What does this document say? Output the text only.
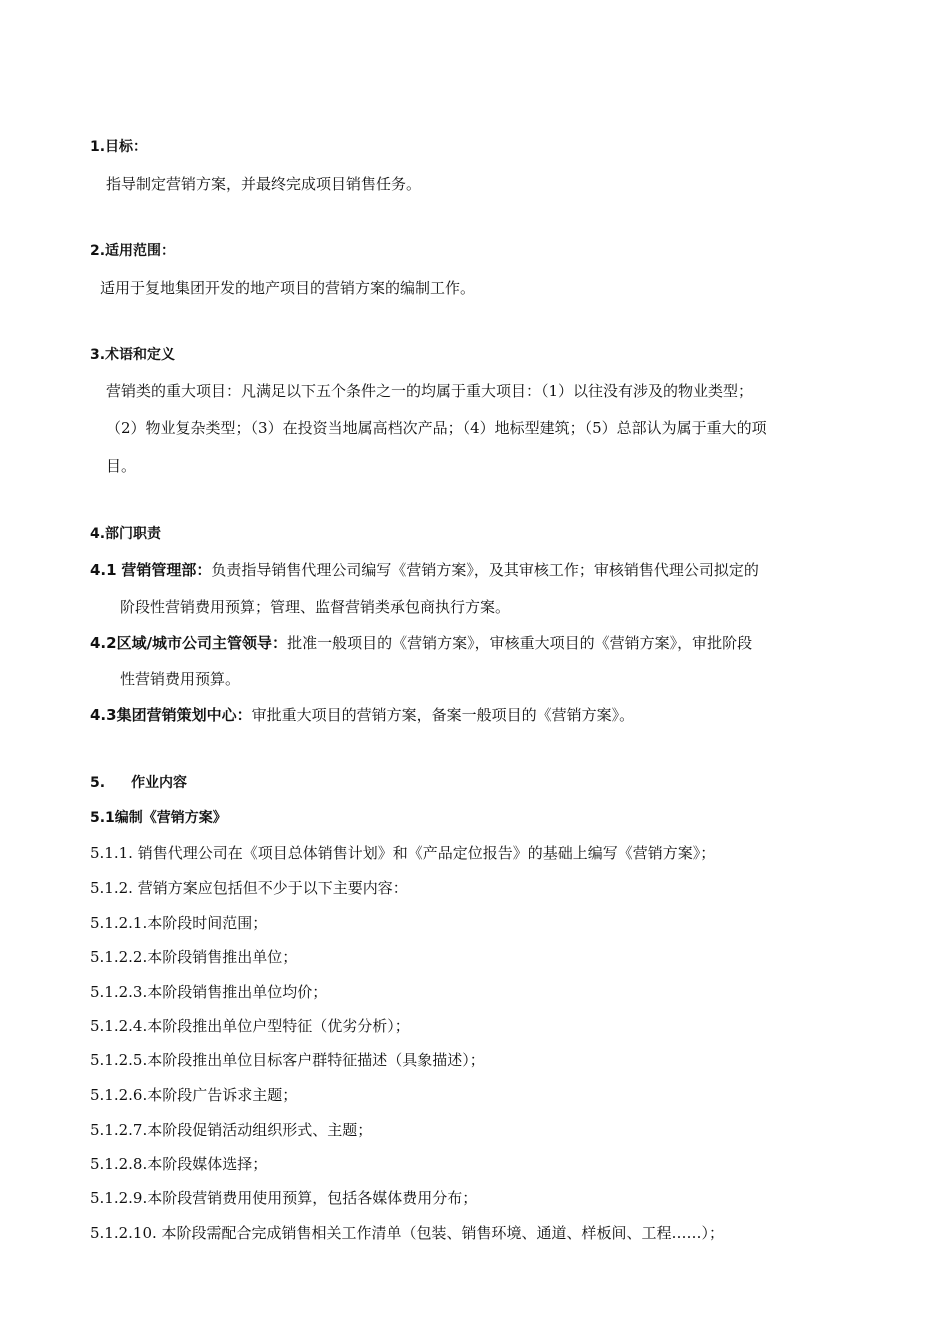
1.目标：
指导制定营销方案，并最终完成项目销售任务。
2.适用范围：
适用于复地集团开发的地产项目的营销方案的编制工作。
3.术语和定义
营销类的重大项目：凡满足以下五个条件之一的均属于重大项目：（1）以往没有涉及的物业类型；
（2）物业复杂类型；（3）在投资当地属高档次产品；（4）地标型建筑；（5）总部认为属于重大的项
目。
4.部门职责
4.1 营销管理部：负责指导销售代理公司编写《营销方案》，及其审核工作；审核销售代理公司拟定的
阶段性营销费用预算；管理、监督营销类承包商执行方案。
4.2区域/城市公司主管领导：批准一般项目的《营销方案》，审核重大项目的《营销方案》，审批阶段
性营销费用预算。
4.3集团营销策划中心：审批重大项目的营销方案，备案一般项目的《营销方案》。
5. 作业内容
5.1编制《营销方案》
5.1.1. 销售代理公司在《项目总体销售计划》和《产品定位报告》的基础上编写《营销方案》；
5.1.2. 营销方案应包括但不少于以下主要内容：
5.1.2.1.本阶段时间范围；
5.1.2.2.本阶段销售推出单位；
5.1.2.3.本阶段销售推出单位均价；
5.1.2.4.本阶段推出单位户型特征（优劣分析）；
5.1.2.5.本阶段推出单位目标客户群特征描述（具象描述）；
5.1.2.6.本阶段广告诉求主题；
5.1.2.7.本阶段促销活动组织形式、主题；
5.1.2.8.本阶段媒体选择；
5.1.2.9.本阶段营销费用使用预算，包括各媒体费用分布；
5.1.2.10. 本阶段需配合完成销售相关工作清单（包装、销售环境、通道、样板间、工程……）；
